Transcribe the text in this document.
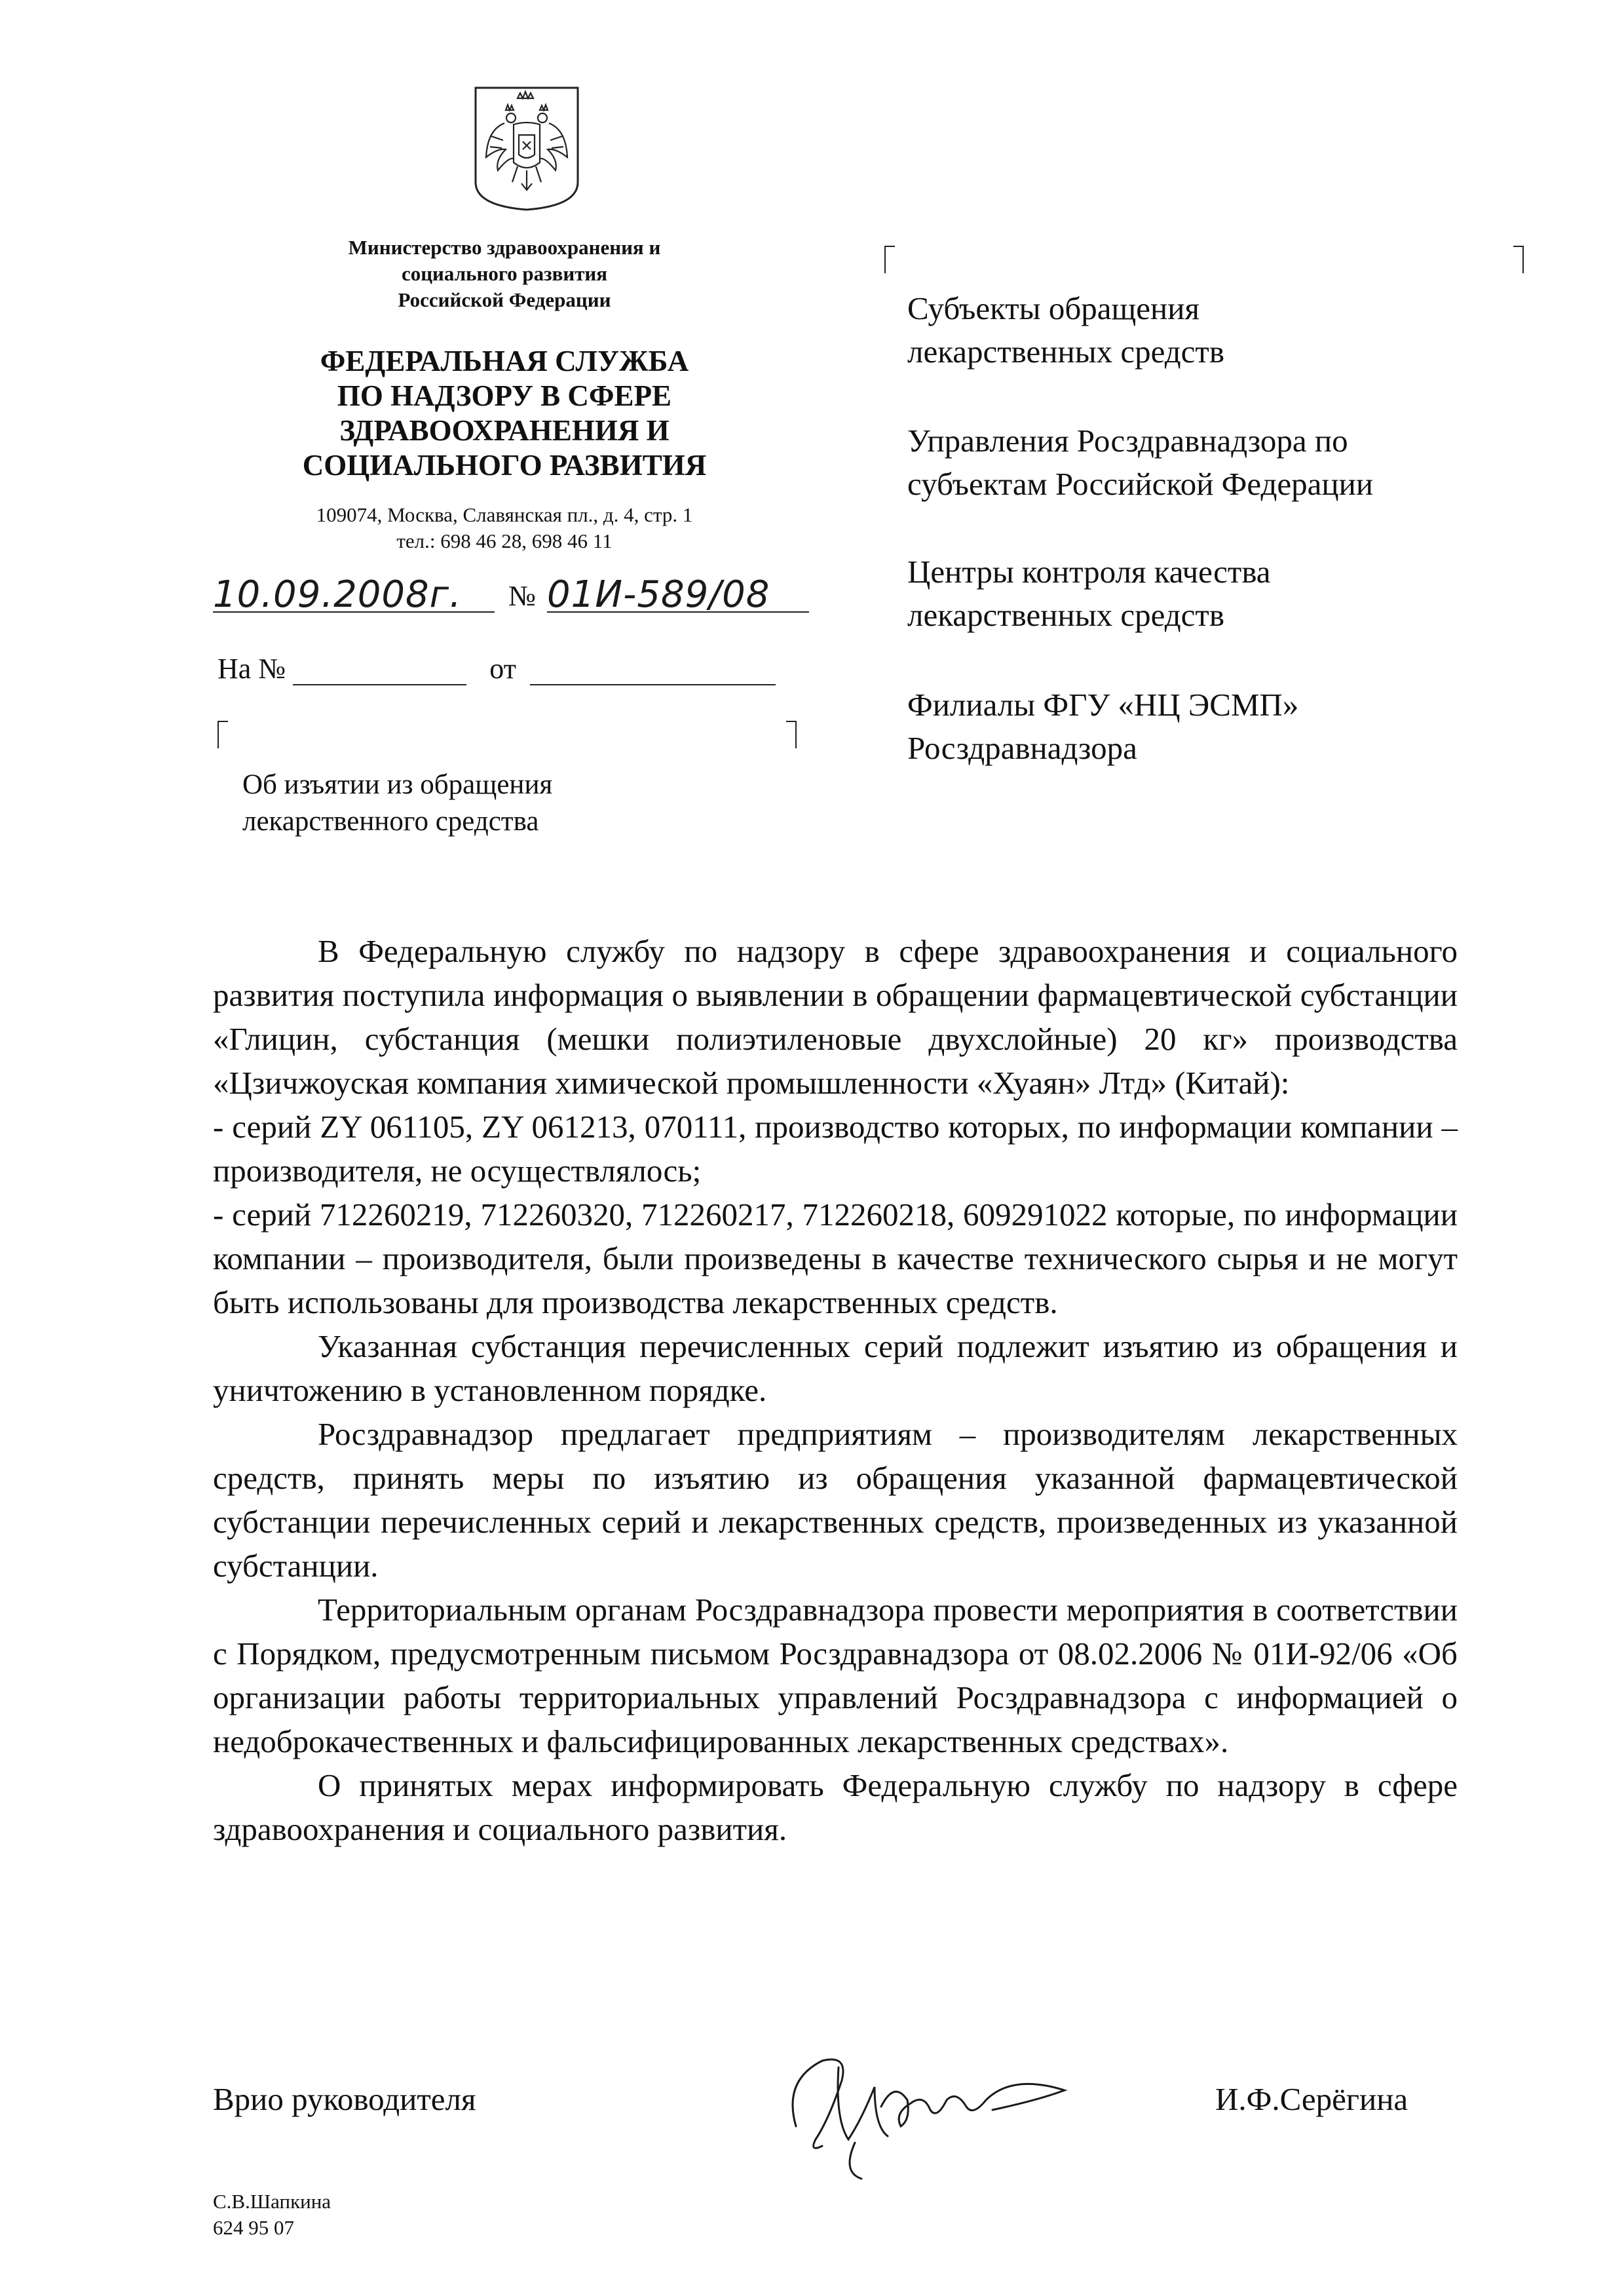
Министерство здравоохранения и
социального развития
Российской Федерации
ФЕДЕРАЛЬНАЯ СЛУЖБА
ПО НАДЗОРУ В СФЕРЕ
ЗДРАВООХРАНЕНИЯ И
СОЦИАЛЬНОГО РАЗВИТИЯ
109074, Москва, Славянская пл., д. 4, стр. 1
тел.: 698 46 28, 698 46 11
10.09.2008г. № 01И-589/08
На №	от
Об изъятии из обращения
лекарственного средства
Субъекты обращения
лекарственных средств
Управления Росздравнадзора по
субъектам Российской Федерации
Центры контроля качества
лекарственных средств
Филиалы ФГУ «НЦ ЭСМП»
Росздравнадзора

В Федеральную службу по надзору в сфере здравоохранения и социального развития поступила информация о выявлении в обращении фармацевтической субстанции «Глицин, субстанция (мешки полиэтиленовые двухслойные) 20 кг» производства «Цзичжоуская компания химической промышленности «Хуаян» Лтд» (Китай):

- серий ZY 061105, ZY 061213, 070111, производство которых, по информации компании – производителя, не осуществлялось;

- серий 712260219, 712260320, 712260217, 712260218, 609291022 которые, по информации компании – производителя, были произведены в качестве технического сырья и не могут быть использованы для производства лекарственных средств.

Указанная субстанция перечисленных серий подлежит изъятию из обращения и уничтожению в установленном порядке.

Росздравнадзор предлагает предприятиям – производителям лекарственных средств, принять меры по изъятию из обращения указанной фармацевтической субстанции перечисленных серий и лекарственных средств, произведенных из указанной субстанции.

Территориальным органам Росздравнадзора провести мероприятия в соответствии с Порядком, предусмотренным письмом Росздравнадзора от 08.02.2006 № 01И-92/06 «Об организации работы территориальных управлений Росздравнадзора с информацией о недоброкачественных и фальсифицированных лекарственных средствах».

О принятых мерах информировать Федеральную службу по надзору в сфере здравоохранения и социального развития.

Врио руководителя	И.Ф.Серёгина
С.В.Шапкина
624 95 07
